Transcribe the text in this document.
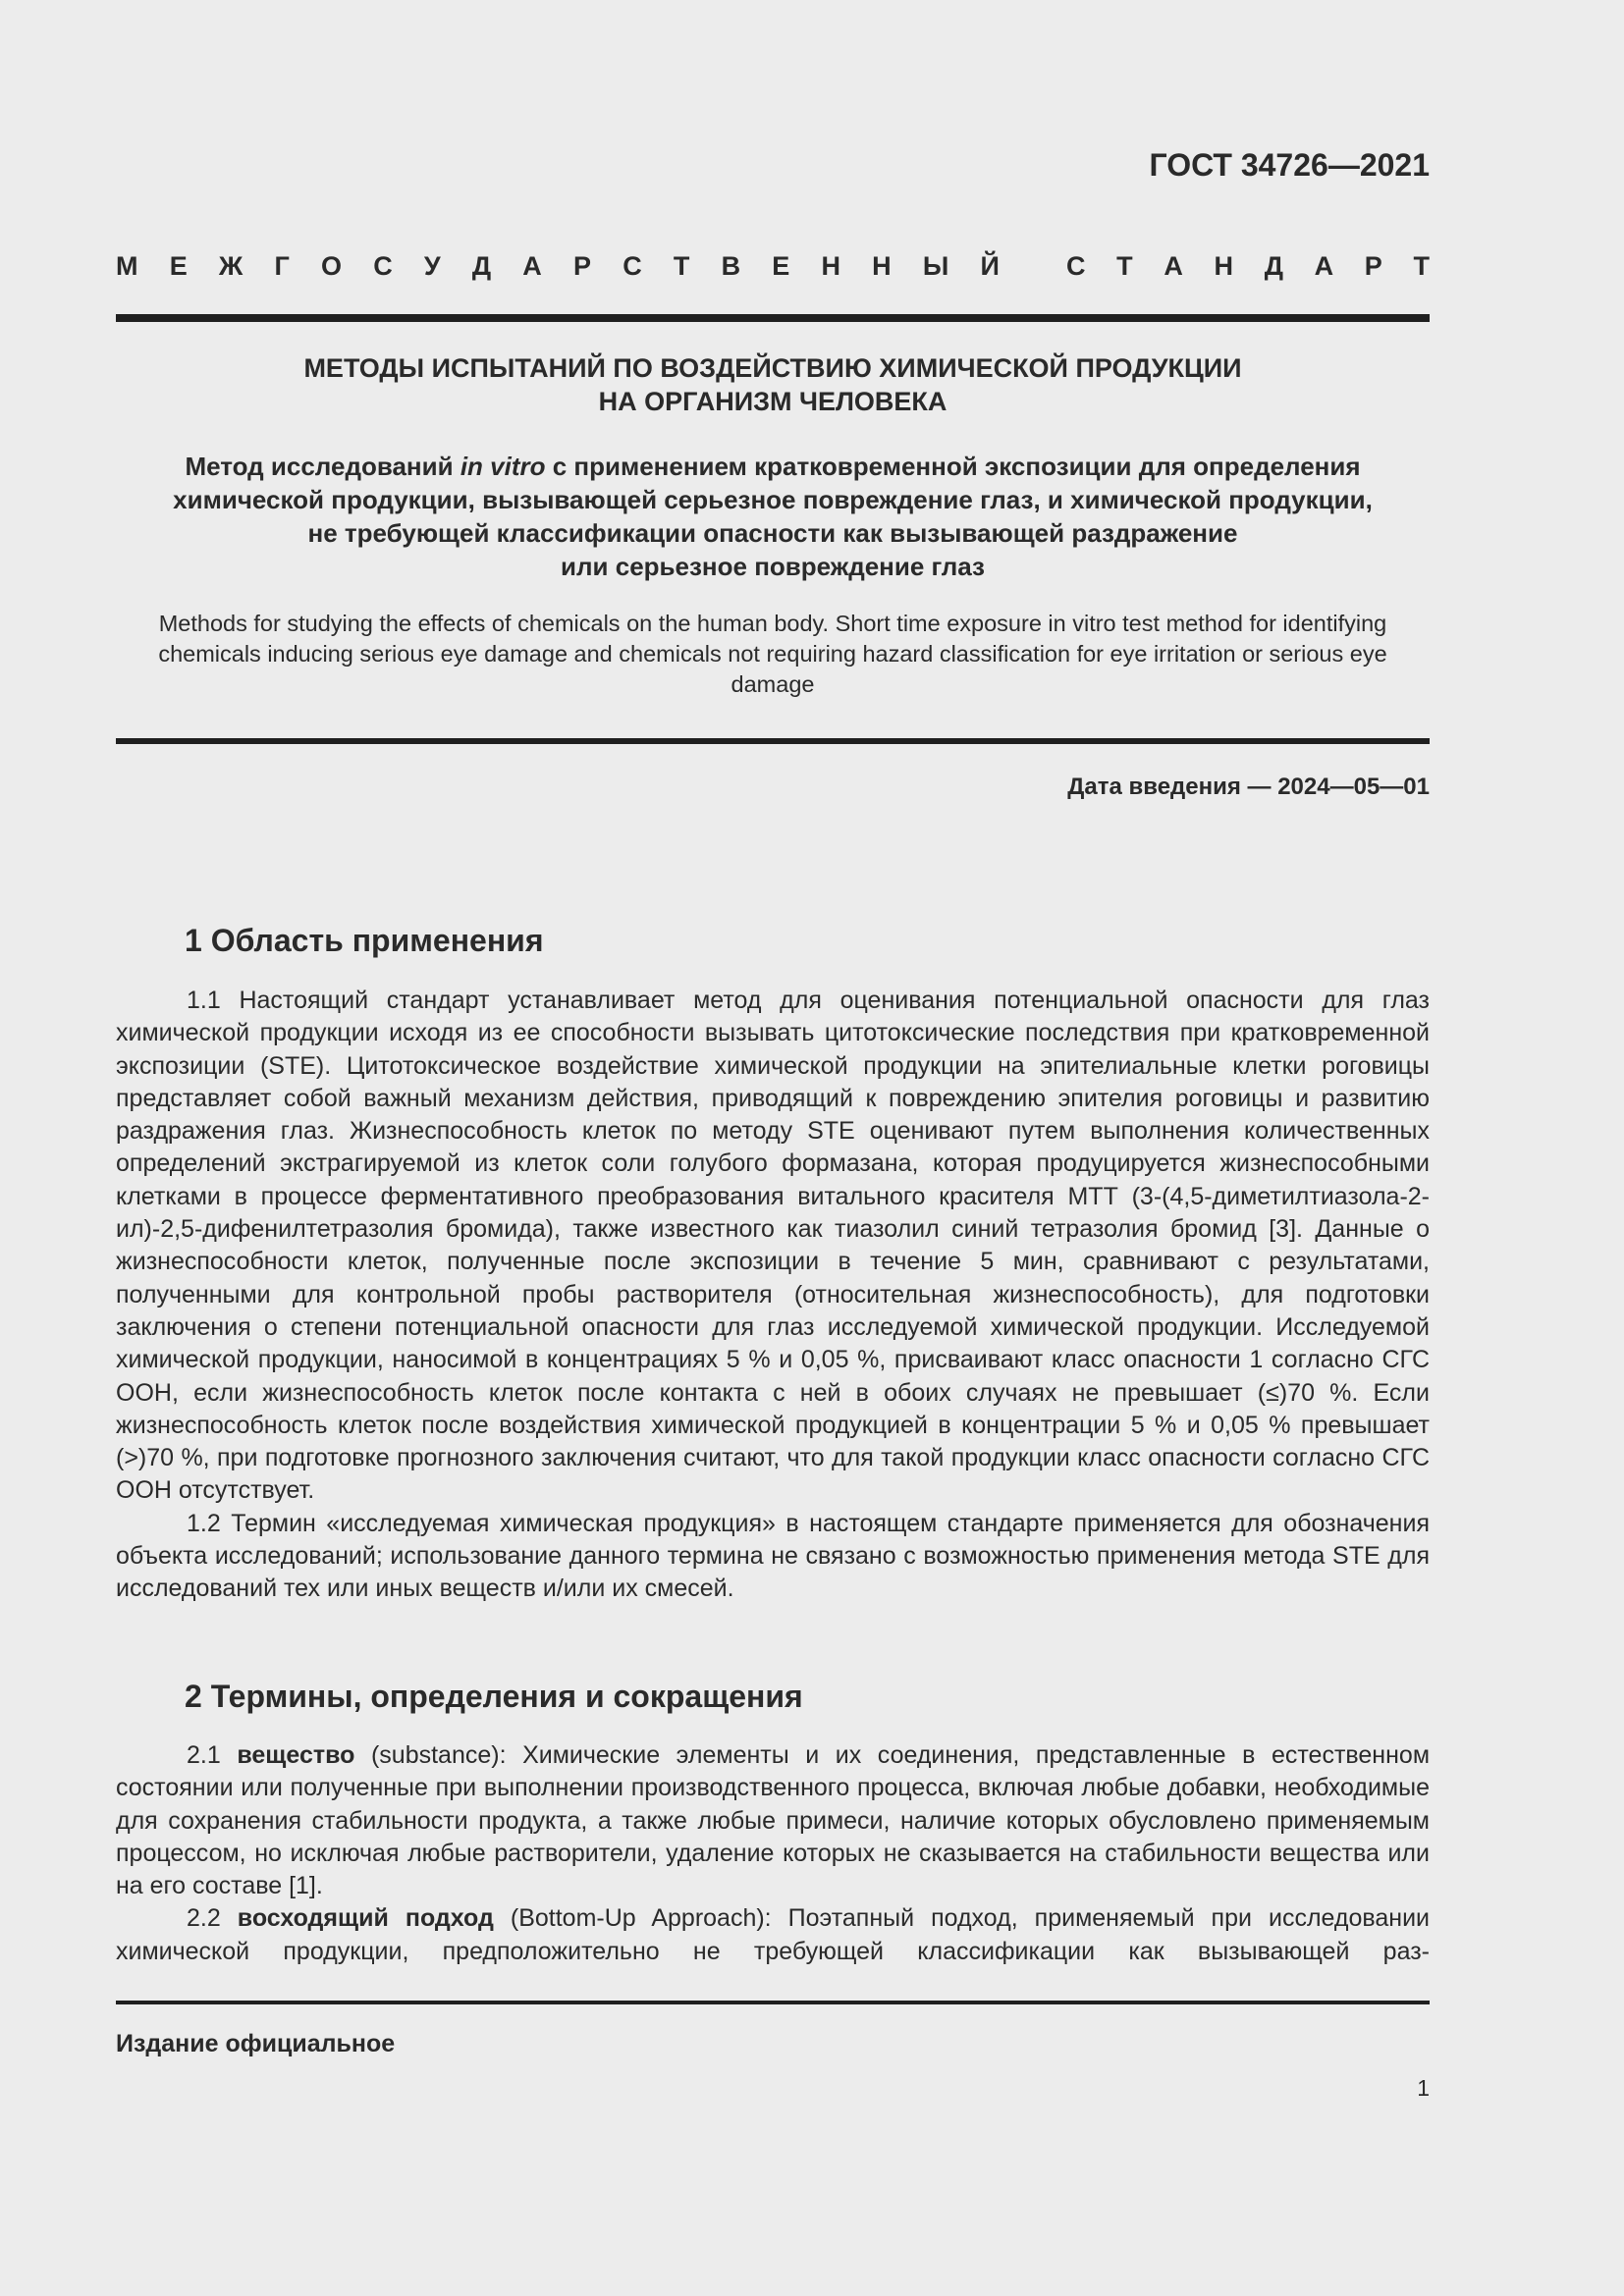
ГОСТ 34726—2021
М Е Ж Г О С У Д А Р С Т В Е Н Н Ы Й	С Т А Н Д А Р Т
МЕТОДЫ ИСПЫТАНИЙ ПО ВОЗДЕЙСТВИЮ ХИМИЧЕСКОЙ ПРОДУКЦИИ
НА ОРГАНИЗМ ЧЕЛОВЕКА
Метод исследований in vitro с применением кратковременной экспозиции для определения
химической продукции, вызывающей серьезное повреждение глаз, и химической продукции,
не требующей классификации опасности как вызывающей раздражение
или серьезное повреждение глаз
Methods for studying the effects of chemicals on the human body. Short time exposure in vitro test method for identifying chemicals inducing serious eye damage and chemicals not requiring hazard classification for eye irritation or serious eye damage
Дата введения — 2024—05—01
1 Область применения

1.1 Настоящий стандарт устанавливает метод для оценивания потенциальной опасности для глаз химической продукции исходя из ее способности вызывать цитотоксические последствия при кратковременной экспозиции (STE). Цитотоксическое воздействие химической продукции на эпителиальные клетки роговицы представляет собой важный механизм действия, приводящий к повреждению эпителия роговицы и развитию раздражения глаз. Жизнеспособность клеток по методу STE оценивают путем выполнения количественных определений экстрагируемой из клеток соли голубого формазана, которая продуцируется жизнеспособными клетками в процессе ферментативного преобразования витального красителя МТТ (3-(4,5-диметилтиазола-2-ил)-2,5-дифенилтетразолия бромида), также известного как тиазолил синий тетразолия бромид [3]. Данные о жизнеспособности клеток, полученные после экспозиции в течение 5 мин, сравнивают с результатами, полученными для контрольной пробы растворителя (относительная жизнеспособность), для подготовки заключения о степени потенциальной опасности для глаз исследуемой химической продукции. Исследуемой химической продукции, наносимой в концентрациях 5 % и 0,05 %, присваивают класс опасности 1 согласно СГС ООН, если жизнеспособность клеток после контакта с ней в обоих случаях не превышает (≤)70 %. Если жизнеспособность клеток после воздействия химической продукцией в концентрации 5 % и 0,05 % превышает (>)70 %, при подготовке прогнозного заключения считают, что для такой продукции класс опасности согласно СГС ООН отсутствует.

1.2 Термин «исследуемая химическая продукция» в настоящем стандарте применяется для обозначения объекта исследований; использование данного термина не связано с возможностью применения метода STE для исследований тех или иных веществ и/или их смесей.

2 Термины, определения и сокращения

2.1 вещество (substance): Химические элементы и их соединения, представленные в естественном состоянии или полученные при выполнении производственного процесса, включая любые добавки, необходимые для сохранения стабильности продукта, а также любые примеси, наличие которых обусловлено применяемым процессом, но исключая любые растворители, удаление которых не сказывается на стабильности вещества или на его составе [1].

2.2 восходящий подход (Bottom-Up Approach): Поэтапный подход, применяемый при исследовании химической продукции, предположительно не требующей классификации как вызывающей раз-

Издание официальное
1
